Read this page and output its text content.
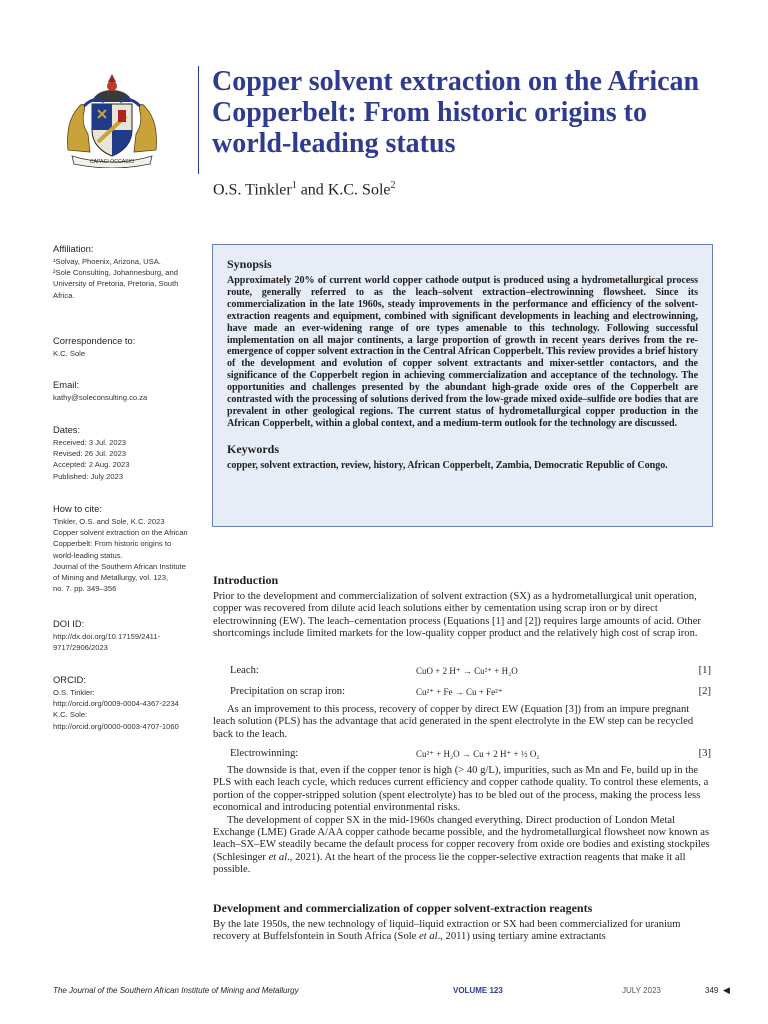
CAPACI OCCASIO
Copper solvent extraction on the African Copperbelt: From historic origins to world-leading status
O.S. Tinkler$^1$ and K.C. Sole$^2$
Affiliation:
¹Solvay, Phoenix, Arizona, USA.
²Sole Consulting, Johannesburg, and
University of Pretoria, Pretoria, South
Africa.
Correspondence to:
K.C. Sole
Email:
kathy@soleconsulting.co.za
Dates:
Received: 3 Jul. 2023
Revised: 26 Jul. 2023
Accepted: 2 Aug. 2023
Published: July 2023
How to cite:
Tinkler, O.S. and Sole, K.C. 2023
Copper solvent extraction on the African
Copperbelt: From historic origins to
world-leading status.
Journal of the Southern African Institute
of Mining and Metallurgy, vol. 123,
no. 7. pp. 349–356
DOI ID:
http://dx.doi.org/10.17159/2411-
9717/2906/2023
ORCID:
O.S. Tinkler:
http://orcid.org/0009-0004-4367-2234
K.C. Sole:
http://orcid.org/0000-0003-4707-1060
Synopsis

Approximately 20% of current world copper cathode output is produced using a hydrometallurgical process route, generally referred to as the leach–solvent extraction–electrowinning flowsheet. Since its commercialization in the late 1960s, steady improvements in the performance and efficiency of the solvent-extraction reagents and equipment, combined with significant developments in leaching and electrowinning, have made an ever-widening range of ore types amenable to this technology. Following successful implementation on all major continents, a large proportion of growth in recent years derives from the re-emergence of copper solvent extraction in the Central African Copperbelt. This review provides a brief history of the development and evolution of copper solvent extractants and mixer-settler contactors, and the significance of the Copperbelt region in achieving commercialization and acceptance of the technology. The opportunities and challenges presented by the abundant high-grade oxide ores of the Copperbelt are contrasted with the processing of solutions derived from the low-grade mixed oxide–sulfide ore bodies that are prevalent in other geological regions. The current status of hydrometallurgical copper production in the African Copperbelt, within a global context, and a medium-term outlook for the technology are discussed.

Keywords

copper, solvent extraction, review, history, African Copperbelt, Zambia, Democratic Republic of Congo.

Introduction

Prior to the development and commercialization of solvent extraction (SX) as a hydrometallurgical unit operation, copper was recovered from dilute acid leach solutions either by cementation using scrap iron or by direct electrowinning (EW). The leach–cementation process (Equations [1] and [2]) requires large amounts of acid. Other shortcomings include limited markets for the low-quality copper product and the relatively high cost of scrap iron.

Leach:	CuO + 2 H⁺ → Cu²⁺ + H₂O	[1]
Precipitation on scrap iron:	Cu²⁺ + Fe → Cu + Fe²⁺	[2]

As an improvement to this process, recovery of copper by direct EW (Equation [3]) from an impure pregnant leach solution (PLS) has the advantage that acid generated in the spent electrolyte in the EW step can be recycled back to the leach.

Electrowinning:	Cu²⁺ + H₂O → Cu + 2 H⁺ + ½ O₂	[3]

The downside is that, even if the copper tenor is high (> 40 g/L), impurities, such as Mn and Fe, build up in the PLS with each leach cycle, which reduces current efficiency and copper cathode quality. To control these elements, a portion of the copper-stripped solution (spent electrolyte) has to be bled out of the process, making the process less economical and introducing potential environmental risks.

The development of copper SX in the mid-1960s changed everything. Direct production of London Metal Exchange (LME) Grade A/AA copper cathode became possible, and the hydrometallurgical flowsheet now known as leach–SX–EW steadily became the default process for copper recovery from oxide ore bodies and existing stockpiles (Schlesinger et al., 2021). At the heart of the process lie the copper-selective extraction reagents that make it all possible.

Development and commercialization of copper solvent-extraction reagents

By the late 1950s, the new technology of liquid–liquid extraction or SX had been commercialized for uranium recovery at Buffelsfontein in South Africa (Sole et al., 2011) using tertiary amine extractants

The Journal of the Southern African Institute of Mining and Metallurgy	VOLUME 123	JULY 2023	349 ◀
